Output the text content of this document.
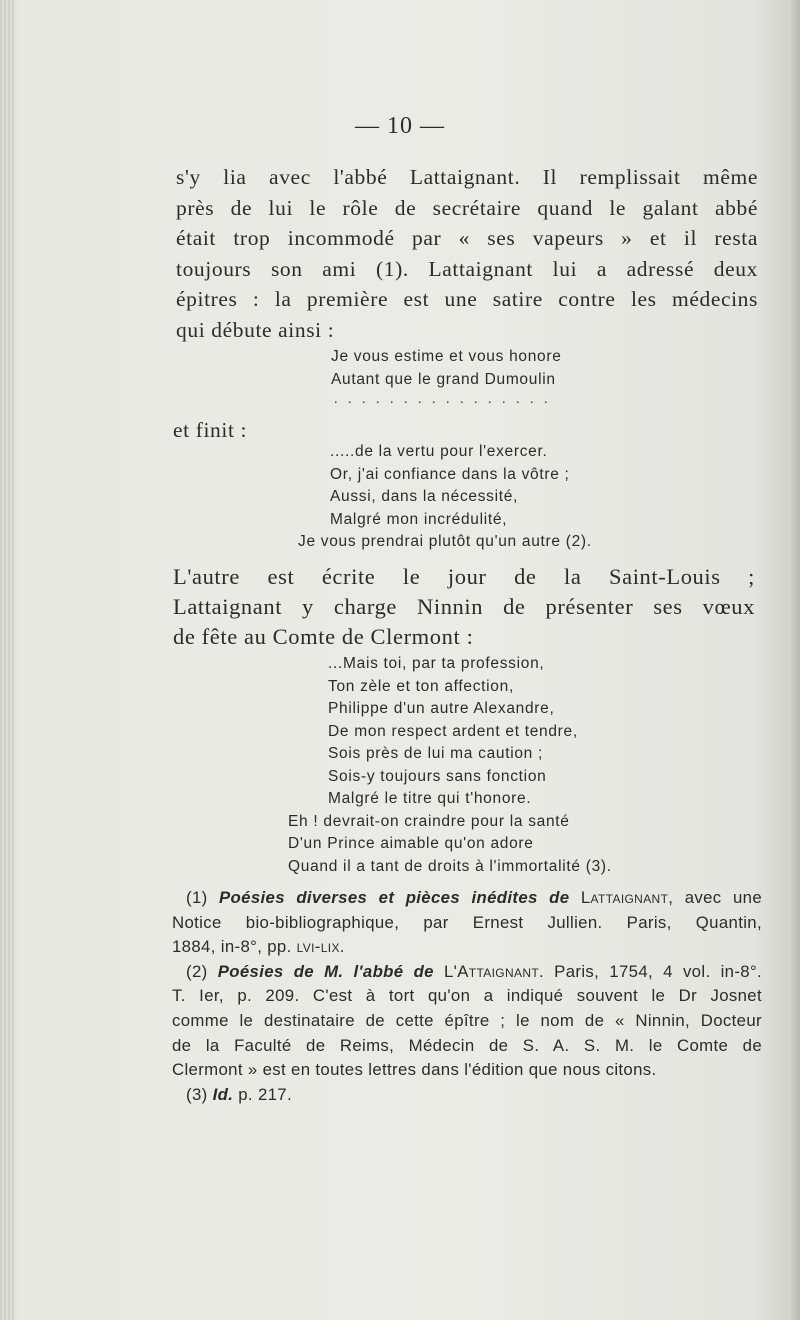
— 10 —
s'y lia avec l'abbé Lattaignant. Il remplissait même
près de lui le rôle de secrétaire quand le galant abbé
était trop incommodé par « ses vapeurs » et il resta
toujours son ami (1). Lattaignant lui a adressé deux
épitres : la première est une satire contre les médecins
qui débute ainsi :
Je vous estime et vous honore
Autant que le grand Dumoulin
................
et finit :
.....de la vertu pour l'exercer.
Or, j'ai confiance dans la vôtre ;
Aussi, dans la nécessité,
Malgré mon incrédulité,
Je vous prendrai plutôt qu'un autre (2).
L'autre est écrite le jour de la Saint-Louis ;
Lattaignant y charge Ninnin de présenter ses vœux
de fête au Comte de Clermont :
...Mais toi, par ta profession,
Ton zèle et ton affection,
Philippe d'un autre Alexandre,
De mon respect ardent et tendre,
Sois près de lui ma caution ;
Sois-y toujours sans fonction
Malgré le titre qui t'honore.
Eh ! devrait-on craindre pour la santé
D'un Prince aimable qu'on adore
Quand il a tant de droits à l'immortalité (3).
(1) Poésies diverses et pièces inédites de Lattaignant, avec une
Notice bio-bibliographique, par Ernest Jullien. Paris, Quantin,
1884, in-8°, pp. lvi-lix.
(2) Poésies de M. l'abbé de L'Attaignant. Paris, 1754, 4 vol. in-8°.
T. Ier, p. 209. C'est à tort qu'on a indiqué souvent le Dr Josnet
comme le destinataire de cette épître ; le nom de « Ninnin, Docteur
de la Faculté de Reims, Médecin de S. A. S. M. le Comte de
Clermont » est en toutes lettres dans l'édition que nous citons.
(3) Id. p. 217.
